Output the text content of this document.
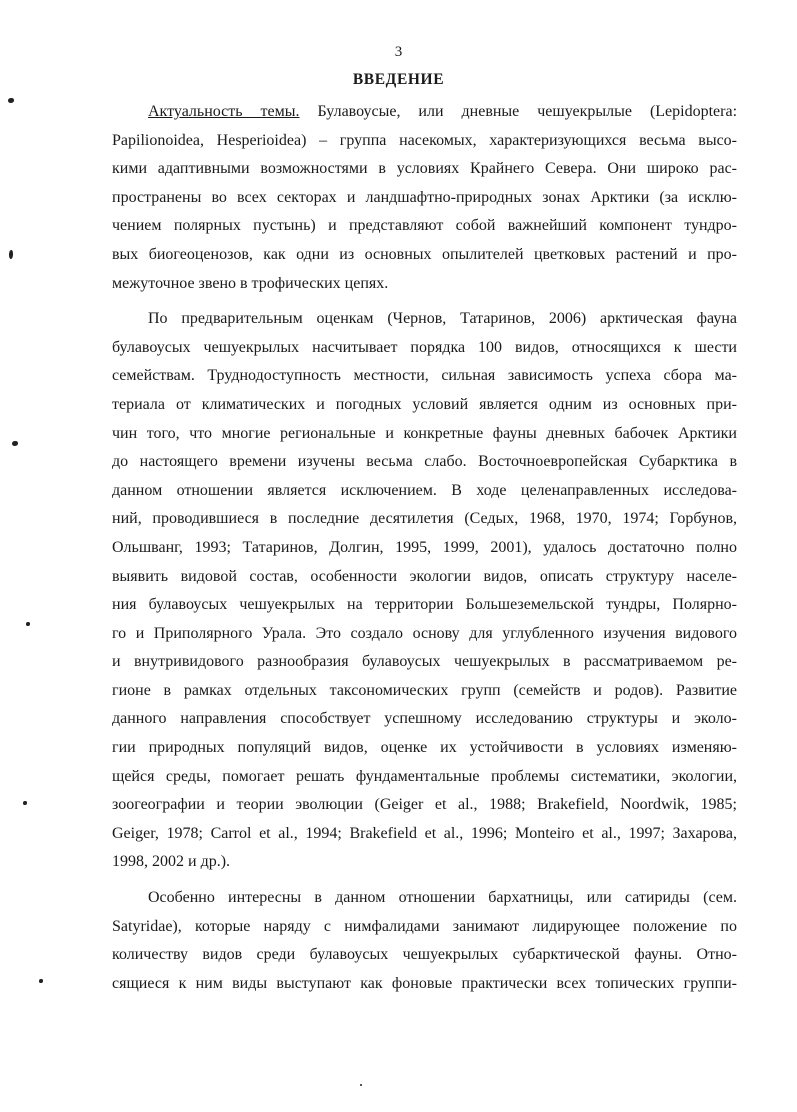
3
ВВЕДЕНИЕ
Актуальность темы. Булавоусые, или дневные чешуекрылые (Lepidoptera:
Papilionoidea, Hesperioidea) – группа насекомых, характеризующихся весьма высо-
кими адаптивными возможностями в условиях Крайнего Севера. Они широко рас-
пространены во всех секторах и ландшафтно-природных зонах Арктики (за исклю-
чением полярных пустынь) и представляют собой важнейший компонент тундро-
вых биогеоценозов, как одни из основных опылителей цветковых растений и про-
межуточное звено в трофических цепях.
По предварительным оценкам (Чернов, Татаринов, 2006) арктическая фауна
булавоусых чешуекрылых насчитывает порядка 100 видов, относящихся к шести
семействам. Труднодоступность местности, сильная зависимость успеха сбора ма-
териала от климатических и погодных условий является одним из основных при-
чин того, что многие региональные и конкретные фауны дневных бабочек Арктики
до настоящего времени изучены весьма слабо. Восточноевропейская Субарктика в
данном отношении является исключением. В ходе целенаправленных исследова-
ний, проводившиеся в последние десятилетия (Седых, 1968, 1970, 1974; Горбунов,
Ольшванг, 1993; Татаринов, Долгин, 1995, 1999, 2001), удалось достаточно полно
выявить видовой состав, особенности экологии видов, описать структуру населе-
ния булавоусых чешуекрылых на территории Большеземельской тундры, Полярно-
го и Приполярного Урала. Это создало основу для углубленного изучения видового
и внутривидового разнообразия булавоусых чешуекрылых в рассматриваемом ре-
гионе в рамках отдельных таксономических групп (семейств и родов). Развитие
данного направления способствует успешному исследованию структуры и эколо-
гии природных популяций видов, оценке их устойчивости в условиях изменяю-
щейся среды, помогает решать фундаментальные проблемы систематики, экологии,
зоогеографии и теории эволюции (Geiger et al., 1988; Brakefield, Noordwik, 1985;
Geiger, 1978; Carrol et al., 1994; Brakefield et al., 1996; Monteiro et al., 1997; Захарова,
1998, 2002 и др.).
Особенно интересны в данном отношении бархатницы, или сатириды (сем.
Satyridae), которые наряду с нимфалидами занимают лидирующее положение по
количеству видов среди булавоусых чешуекрылых субарктической фауны. Отно-
сящиеся к ним виды выступают как фоновые практически всех топических группи-
